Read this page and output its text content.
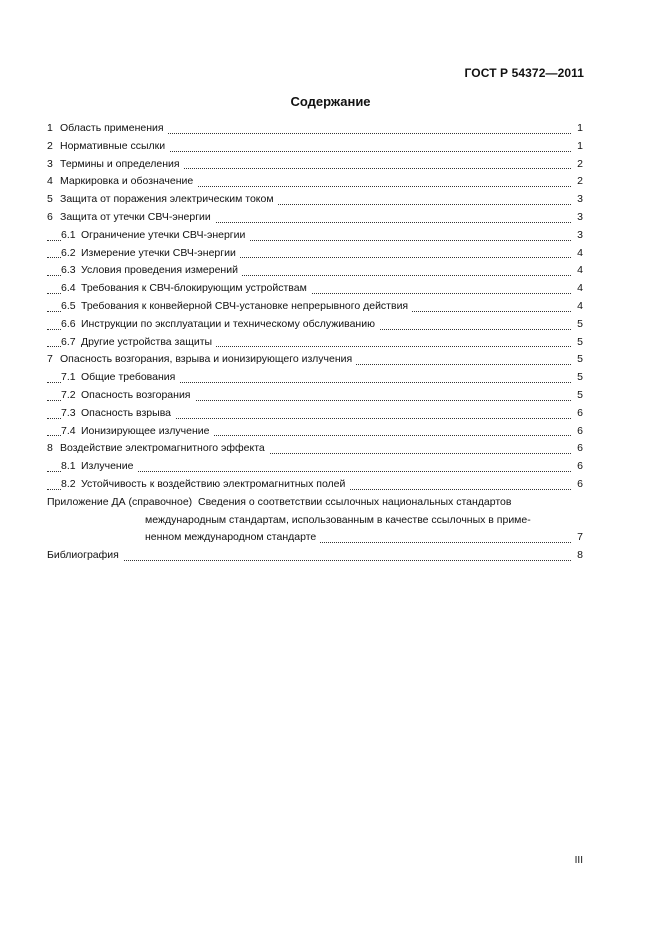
ГОСТ Р 54372—2011
Содержание
1 Область применения	1
2 Нормативные ссылки	1
3 Термины и определения	2
4 Маркировка и обозначение	2
5 Защита от поражения электрическим током	3
6 Защита от утечки СВЧ-энергии	3
6.1 Ограничение утечки СВЧ-энергии	3
6.2 Измерение утечки СВЧ-энергии	4
6.3 Условия проведения измерений	4
6.4 Требования к СВЧ-блокирующим устройствам	4
6.5 Требования к конвейерной СВЧ-установке непрерывного действия	4
6.6 Инструкции по эксплуатации и техническому обслуживанию	5
6.7 Другие устройства защиты	5
7 Опасность возгорания, взрыва и ионизирующего излучения	5
7.1 Общие требования	5
7.2 Опасность возгорания	5
7.3 Опасность взрыва	6
7.4 Ионизирующее излучение	6
8 Воздействие электромагнитного эффекта	6
8.1 Излучение	6
8.2 Устойчивость к воздействию электромагнитных полей	6
Приложение ДА (справочное) Сведения о соответствии ссылочных национальных стандартов
международным стандартам, использованным в качестве ссылочных в приме-
ненном международном стандарте	7
Библиография	8
III
